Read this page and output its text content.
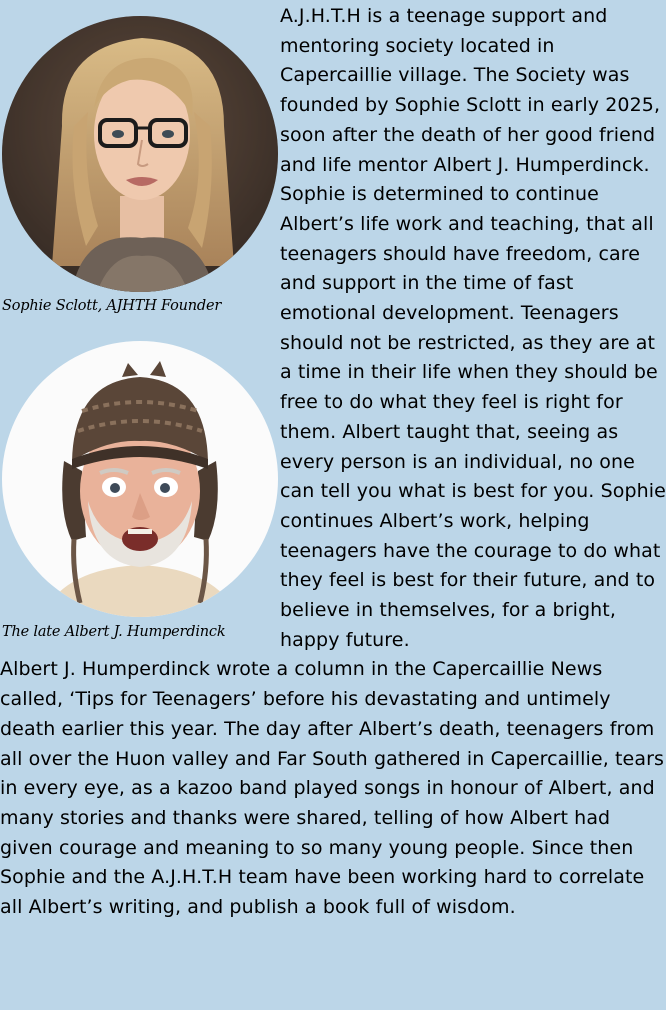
Sophie Sclott, AJHTH Founder

The late Albert J. Humperdinck

A.J.H.T.H is a teenage support and mentoring society located in Capercaillie village. The Society was founded by Sophie Sclott in early 2025, soon after the death of her good friend and life mentor Albert J. Humperdinck. Sophie is determined to continue Albert’s life work and teaching, that all teenagers should have freedom, care and support in the time of fast emotional development. Teenagers should not be restricted, as they are at a time in their life when they should be free to do what they feel is right for them. Albert taught that, seeing as every person is an individual, no one can tell you what is best for you. Sophie continues Albert’s work, helping teenagers have the courage to do what they feel is best for their future, and to believe in themselves, for a bright, happy future.

Albert J. Humperdinck wrote a column in the Capercaillie News called, ‘Tips for Teenagers’ before his devastating and untimely death earlier this year. The day after Albert’s death, teenagers from all over the Huon valley and Far South gathered in Capercaillie, tears in every eye, as a kazoo band played songs in honour of Albert, and many stories and thanks were shared, telling of how Albert had given courage and meaning to so many young people. Since then Sophie and the A.J.H.T.H team have been working hard to correlate all Albert’s writing, and publish a book full of wisdom.
